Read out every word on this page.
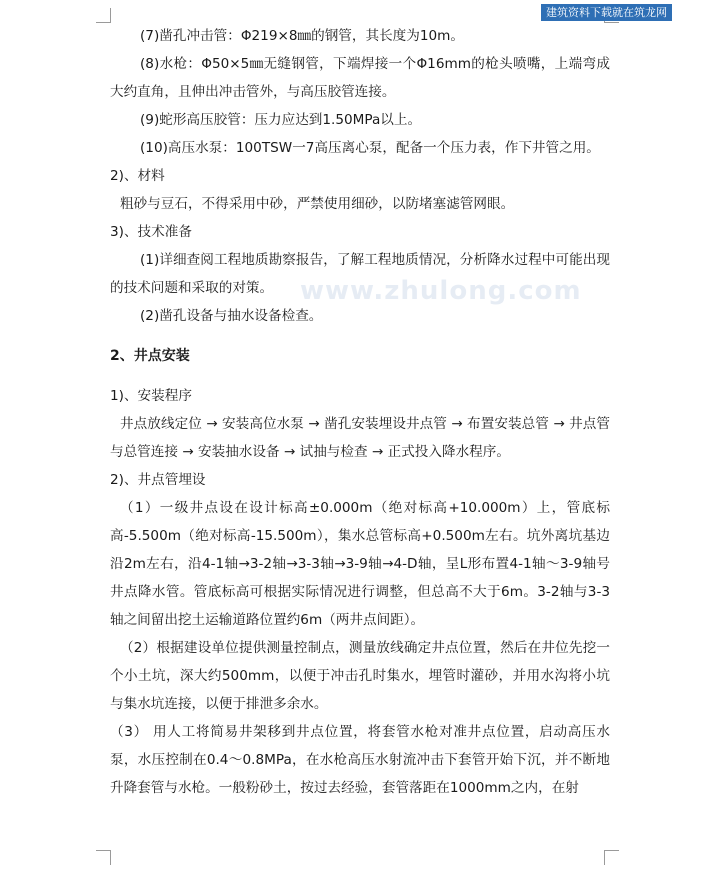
建筑资料下载就在筑龙网
www.zhulong.com

(7)凿孔冲击管：Φ219×8㎜的钢管，其长度为10m。

(8)水枪：Φ50×5㎜无缝钢管，下端焊接一个Φ16mm的枪头喷嘴，上端弯成大约直角，且伸出冲击管外，与高压胶管连接。

(9)蛇形高压胶管：压力应达到1.50MPa以上。

(10)高压水泵：100TSW一7高压离心泵，配备一个压力表，作下井管之用。

2)、材料

粗砂与豆石，不得采用中砂，严禁使用细砂，以防堵塞滤管网眼。

3)、技术准备

(1)详细查阅工程地质勘察报告，了解工程地质情况，分析降水过程中可能出现的技术问题和采取的对策。

(2)凿孔设备与抽水设备检查。

2、井点安装

1)、安装程序

井点放线定位 → 安装高位水泵 → 凿孔安装埋设井点管 → 布置安装总管 → 井点管与总管连接 → 安装抽水设备 → 试抽与检查 → 正式投入降水程序。

2)、井点管埋设

（1）一级井点设在设计标高±0.000m（绝对标高+10.000m）上，管底标高-5.500m（绝对标高-15.500m），集水总管标高+0.500m左右。坑外离坑基边沿2m左右，沿4-1轴→3-2轴→3-3轴→3-9轴→4-D轴，呈L形布置4-1轴～3-9轴号井点降水管。管底标高可根据实际情况进行调整，但总高不大于6m。3-2轴与3-3轴之间留出挖土运输道路位置约6m（两井点间距）。

（2）根据建设单位提供测量控制点，测量放线确定井点位置，然后在井位先挖一个小土坑，深大约500mm，以便于冲击孔时集水，埋管时灌砂，并用水沟将小坑与集水坑连接，以便于排泄多余水。

（3） 用人工将简易井架移到井点位置，将套管水枪对准井点位置，启动高压水泵，水压控制在0.4～0.8MPa，在水枪高压水射流冲击下套管开始下沉，并不断地升降套管与水枪。一般粉砂土，按过去经验，套管落距在1000mm之内，在射
